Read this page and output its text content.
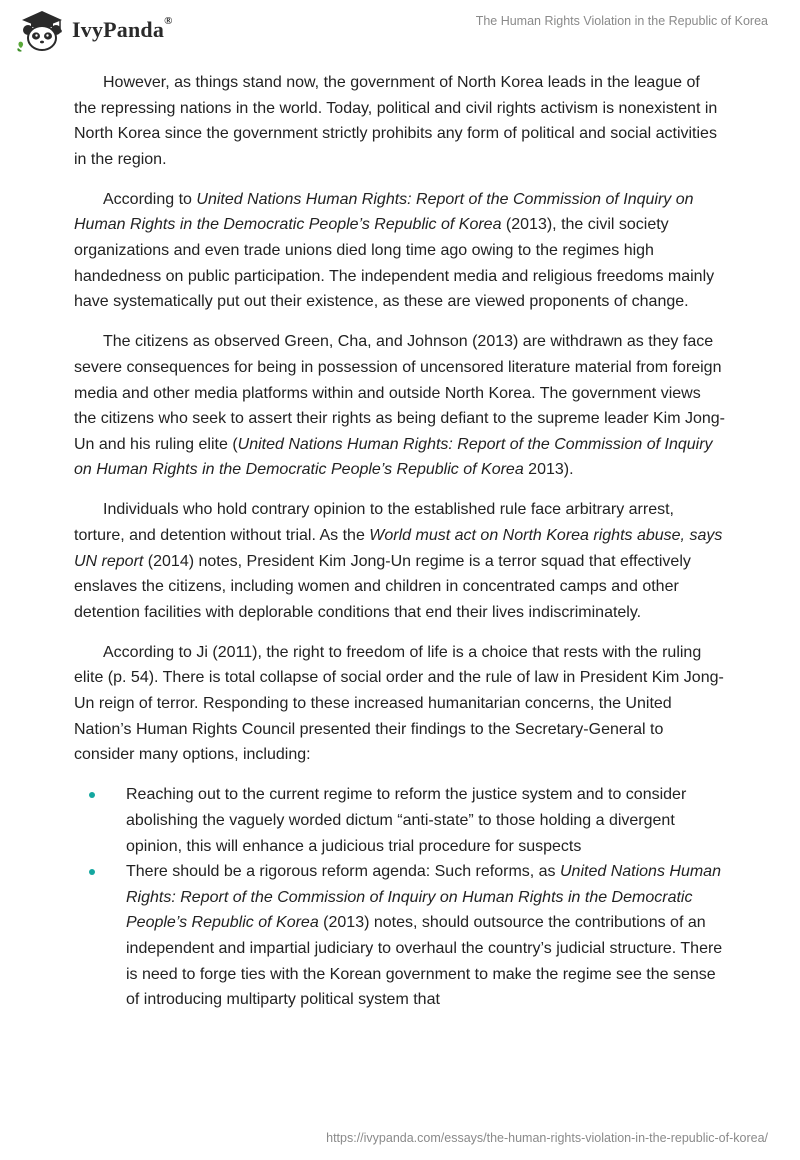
IvyPanda®	The Human Rights Violation in the Republic of Korea

However, as things stand now, the government of North Korea leads in the league of the repressing nations in the world. Today, political and civil rights activism is nonexistent in North Korea since the government strictly prohibits any form of political and social activities in the region.

According to United Nations Human Rights: Report of the Commission of Inquiry on Human Rights in the Democratic People’s Republic of Korea (2013), the civil society organizations and even trade unions died long time ago owing to the regimes high handedness on public participation. The independent media and religious freedoms mainly have systematically put out their existence, as these are viewed proponents of change.

The citizens as observed Green, Cha, and Johnson (2013) are withdrawn as they face severe consequences for being in possession of uncensored literature material from foreign media and other media platforms within and outside North Korea. The government views the citizens who seek to assert their rights as being defiant to the supreme leader Kim Jong-Un and his ruling elite (United Nations Human Rights: Report of the Commission of Inquiry on Human Rights in the Democratic People’s Republic of Korea 2013).

Individuals who hold contrary opinion to the established rule face arbitrary arrest, torture, and detention without trial. As the World must act on North Korea rights abuse, says UN report (2014) notes, President Kim Jong-Un regime is a terror squad that effectively enslaves the citizens, including women and children in concentrated camps and other detention facilities with deplorable conditions that end their lives indiscriminately.

According to Ji (2011), the right to freedom of life is a choice that rests with the ruling elite (p. 54). There is total collapse of social order and the rule of law in President Kim Jong-Un reign of terror. Responding to these increased humanitarian concerns, the United Nation’s Human Rights Council presented their findings to the Secretary-General to consider many options, including:

Reaching out to the current regime to reform the justice system and to consider abolishing the vaguely worded dictum “anti-state” to those holding a divergent opinion, this will enhance a judicious trial procedure for suspects
There should be a rigorous reform agenda: Such reforms, as United Nations Human Rights: Report of the Commission of Inquiry on Human Rights in the Democratic People’s Republic of Korea (2013) notes, should outsource the contributions of an independent and impartial judiciary to overhaul the country’s judicial structure. There is need to forge ties with the Korean government to make the regime see the sense of introducing multiparty political system that
https://ivypanda.com/essays/the-human-rights-violation-in-the-republic-of-korea/
